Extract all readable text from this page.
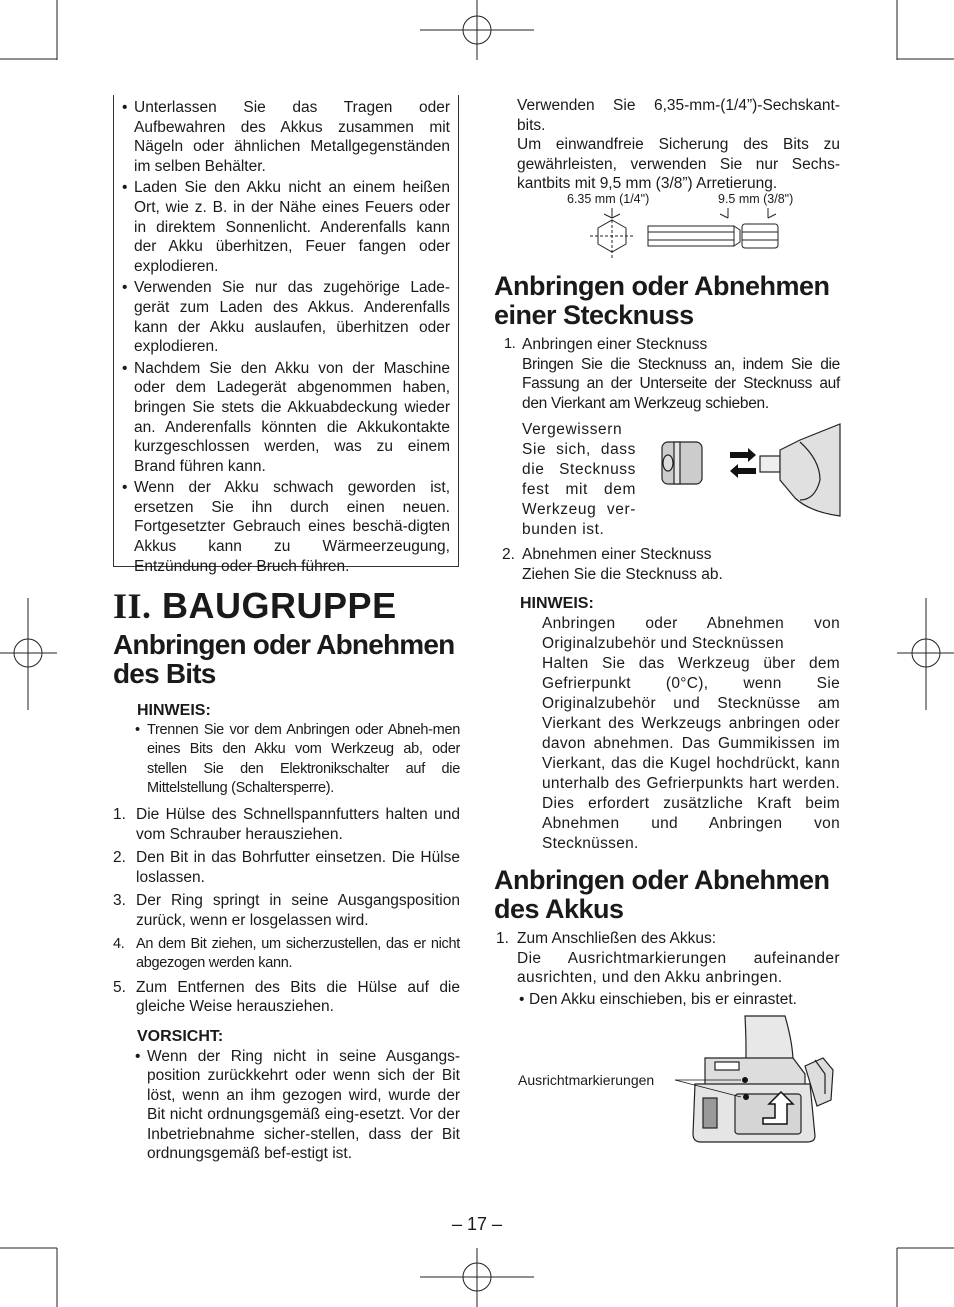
• Unterlassen Sie das Tragen oder Aufbewahren des Akkus zusammen mit Nägeln oder ähnlichen Metallgegenständen im selben Behälter.
• Laden Sie den Akku nicht an einem heißen Ort, wie z. B. in der Nähe eines Feuers oder in direktem Sonnenlicht. Anderenfalls kann der Akku überhitzen, Feuer fangen oder explodieren.
• Verwenden Sie nur das zugehörige Lade-gerät zum Laden des Akkus. Anderenfalls kann der Akku auslaufen, überhitzen oder explodieren.
• Nachdem Sie den Akku von der Maschine oder dem Ladegerät abgenommen haben, bringen Sie stets die Akkuabdeckung wieder an. Anderenfalls könnten die Akkukontakte kurzgeschlossen werden, was zu einem Brand führen kann.
• Wenn der Akku schwach geworden ist, ersetzen Sie ihn durch einen neuen. Fortgesetzter Gebrauch eines beschä-digten Akkus kann zu Wärmeerzeugung, Entzündung oder Bruch führen.
II. BAUGRUPPE
Anbringen oder Abnehmen des Bits
HINWEIS:
• Trennen Sie vor dem Anbringen oder Abneh-men eines Bits den Akku vom Werkzeug ab, oder stellen Sie den Elektronikschalter auf die Mittelstellung (Schaltersperre).
1. Die Hülse des Schnellspannfutters halten und vom Schrauber herausziehen.
2. Den Bit in das Bohrfutter einsetzen. Die Hülse loslassen.
3. Der Ring springt in seine Ausgangsposition zurück, wenn er losgelassen wird.
4. An dem Bit ziehen, um sicherzustellen, das er nicht abgezogen werden kann.
5. Zum Entfernen des Bits die Hülse auf die gleiche Weise herausziehen.
VORSICHT:
• Wenn der Ring nicht in seine Ausgangs-position zurückkehrt oder wenn sich der Bit löst, wenn an ihm gezogen wird, wurde der Bit nicht ordnungsgemäß eing-esetzt. Vor der Inbetriebnahme sicher-stellen, dass der Bit ordnungsgemäß bef-estigt ist.
Verwenden Sie 6,35-mm-(1/4”)-Sechskant-bits.
Um einwandfreie Sicherung des Bits zu gewährleisten, verwenden Sie nur Sechs-kantbits mit 9,5 mm (3/8”) Arretierung.
6.35 mm (1/4")	9.5 mm (3/8")
Anbringen oder Abnehmen einer Stecknuss
1. Anbringen einer Stecknuss
Bringen Sie die Stecknuss an, indem Sie die Fassung an der Unterseite der Stecknuss auf den Vierkant am Werkzeug schieben.
Vergewissern Sie sich, dass die Stecknuss fest mit dem Werkzeug ver-bunden ist.
2. Abnehmen einer Stecknuss
Ziehen Sie die Stecknuss ab.
HINWEIS:
Anbringen oder Abnehmen von Originalzubehör und Stecknüssen
Halten Sie das Werkzeug über dem Gefrierpunkt (0°C), wenn Sie Originalzubehör und Stecknüsse am Vierkant des Werkzeugs anbringen oder davon abnehmen. Das Gummikissen im Vierkant, das die Kugel hochdrückt, kann unterhalb des Gefrierpunkts hart werden. Dies erfordert zusätzliche Kraft beim Abnehmen und Anbringen von Stecknüssen.
Anbringen oder Abnehmen des Akkus
1. Zum Anschließen des Akkus:
Die Ausrichtmarkierungen aufeinander ausrichten, und den Akku anbringen.
• Den Akku einschieben, bis er einrastet.
Ausrichtmarkierungen
– 17 –
